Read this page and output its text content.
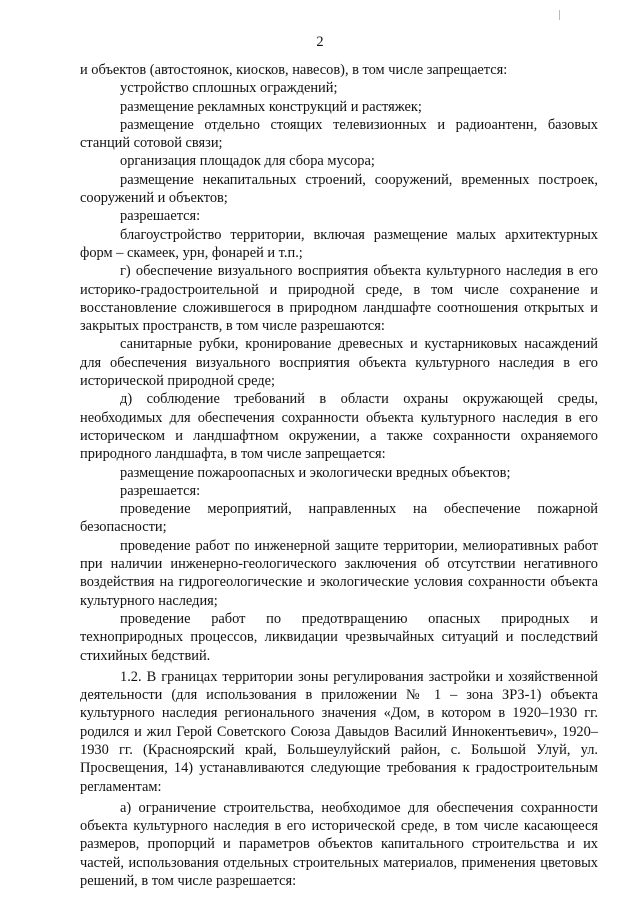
2

и объектов (автостоянок, киосков, навесов), в том числе запрещается:

устройство сплошных ограждений;

размещение рекламных конструкций и растяжек;

размещение отдельно стоящих телевизионных и радиоантенн, базовых станций сотовой связи;

организация площадок для сбора мусора;

размещение некапитальных строений, сооружений, временных построек, сооружений и объектов;

разрешается:

благоустройство территории, включая размещение малых архитектурных форм – скамеек, урн, фонарей и т.п.;

г) обеспечение визуального восприятия объекта культурного наследия в его историко-градостроительной и природной среде, в том числе сохранение и восстановление сложившегося в природном ландшафте соотношения открытых и закрытых пространств, в том числе разрешаются:

санитарные рубки, кронирование древесных и кустарниковых насаждений для обеспечения визуального восприятия объекта культурного наследия в его исторической природной среде;

д) соблюдение требований в области охраны окружающей среды, необходимых для обеспечения сохранности объекта культурного наследия в его историческом и ландшафтном окружении, а также сохранности охраняемого природного ландшафта, в том числе запрещается:

размещение пожароопасных и экологически вредных объектов;

разрешается:

проведение мероприятий, направленных на обеспечение пожарной безопасности;

проведение работ по инженерной защите территории, мелиоративных работ при наличии инженерно-геологического заключения об отсутствии негативного воздействия на гидрогеологические и экологические условия сохранности объекта культурного наследия;

проведение работ по предотвращению опасных природных и техноприродных процессов, ликвидации чрезвычайных ситуаций и последствий стихийных бедствий.

1.2. В границах территории зоны регулирования застройки и хозяйственной деятельности (для использования в приложении № 1 – зона ЗРЗ-1) объекта культурного наследия регионального значения «Дом, в котором в 1920–1930 гг. родился и жил Герой Советского Союза Давыдов Василий Иннокентьевич», 1920–1930 гг. (Красноярский край, Большеулуйский район, с. Большой Улуй, ул. Просвещения, 14) устанавливаются следующие требования к градостроительным регламентам:

а) ограничение строительства, необходимое для обеспечения сохранности объекта культурного наследия в его исторической среде, в том числе касающееся размеров, пропорций и параметров объектов капитального строительства и их частей, использования отдельных строительных материалов, применения цветовых решений, в том числе разрешается:
